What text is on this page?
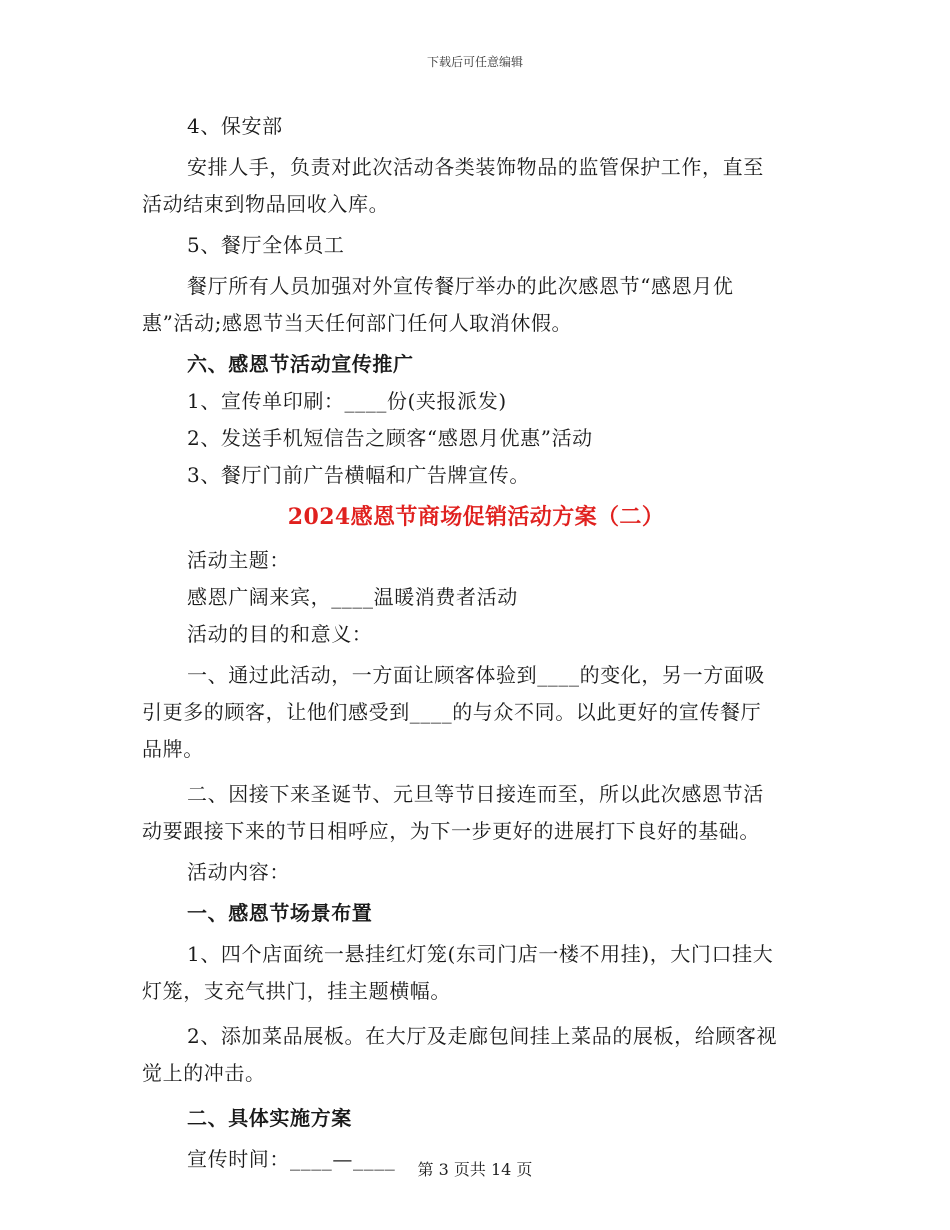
下载后可任意编辑

4、保安部

安排人手，负责对此次活动各类装饰物品的监管保护工作，直至

活动结束到物品回收入库。

5、餐厅全体员工

餐厅所有人员加强对外宣传餐厅举办的此次感恩节“感恩月优

惠”活动;感恩节当天任何部门任何人取消休假。

六、感恩节活动宣传推广

1、宣传单印刷：____份(夹报派发)

2、发送手机短信告之顾客“感恩月优惠”活动

3、餐厅门前广告横幅和广告牌宣传。

2024感恩节商场促销活动方案（二）

活动主题：

感恩广阔来宾，____温暖消费者活动

活动的目的和意义：

一、通过此活动，一方面让顾客体验到____的变化，另一方面吸

引更多的顾客，让他们感受到____的与众不同。以此更好的宣传餐厅

品牌。

二、因接下来圣诞节、元旦等节日接连而至，所以此次感恩节活

动要跟接下来的节日相呼应，为下一步更好的进展打下良好的基础。

活动内容：

一、感恩节场景布置

1、四个店面统一悬挂红灯笼(东司门店一楼不用挂)，大门口挂大

灯笼，支充气拱门，挂主题横幅。

2、添加菜品展板。在大厅及走廊包间挂上菜品的展板，给顾客视

觉上的冲击。

二、具体实施方案

宣传时间：____—____	第 3 页共 14 页
